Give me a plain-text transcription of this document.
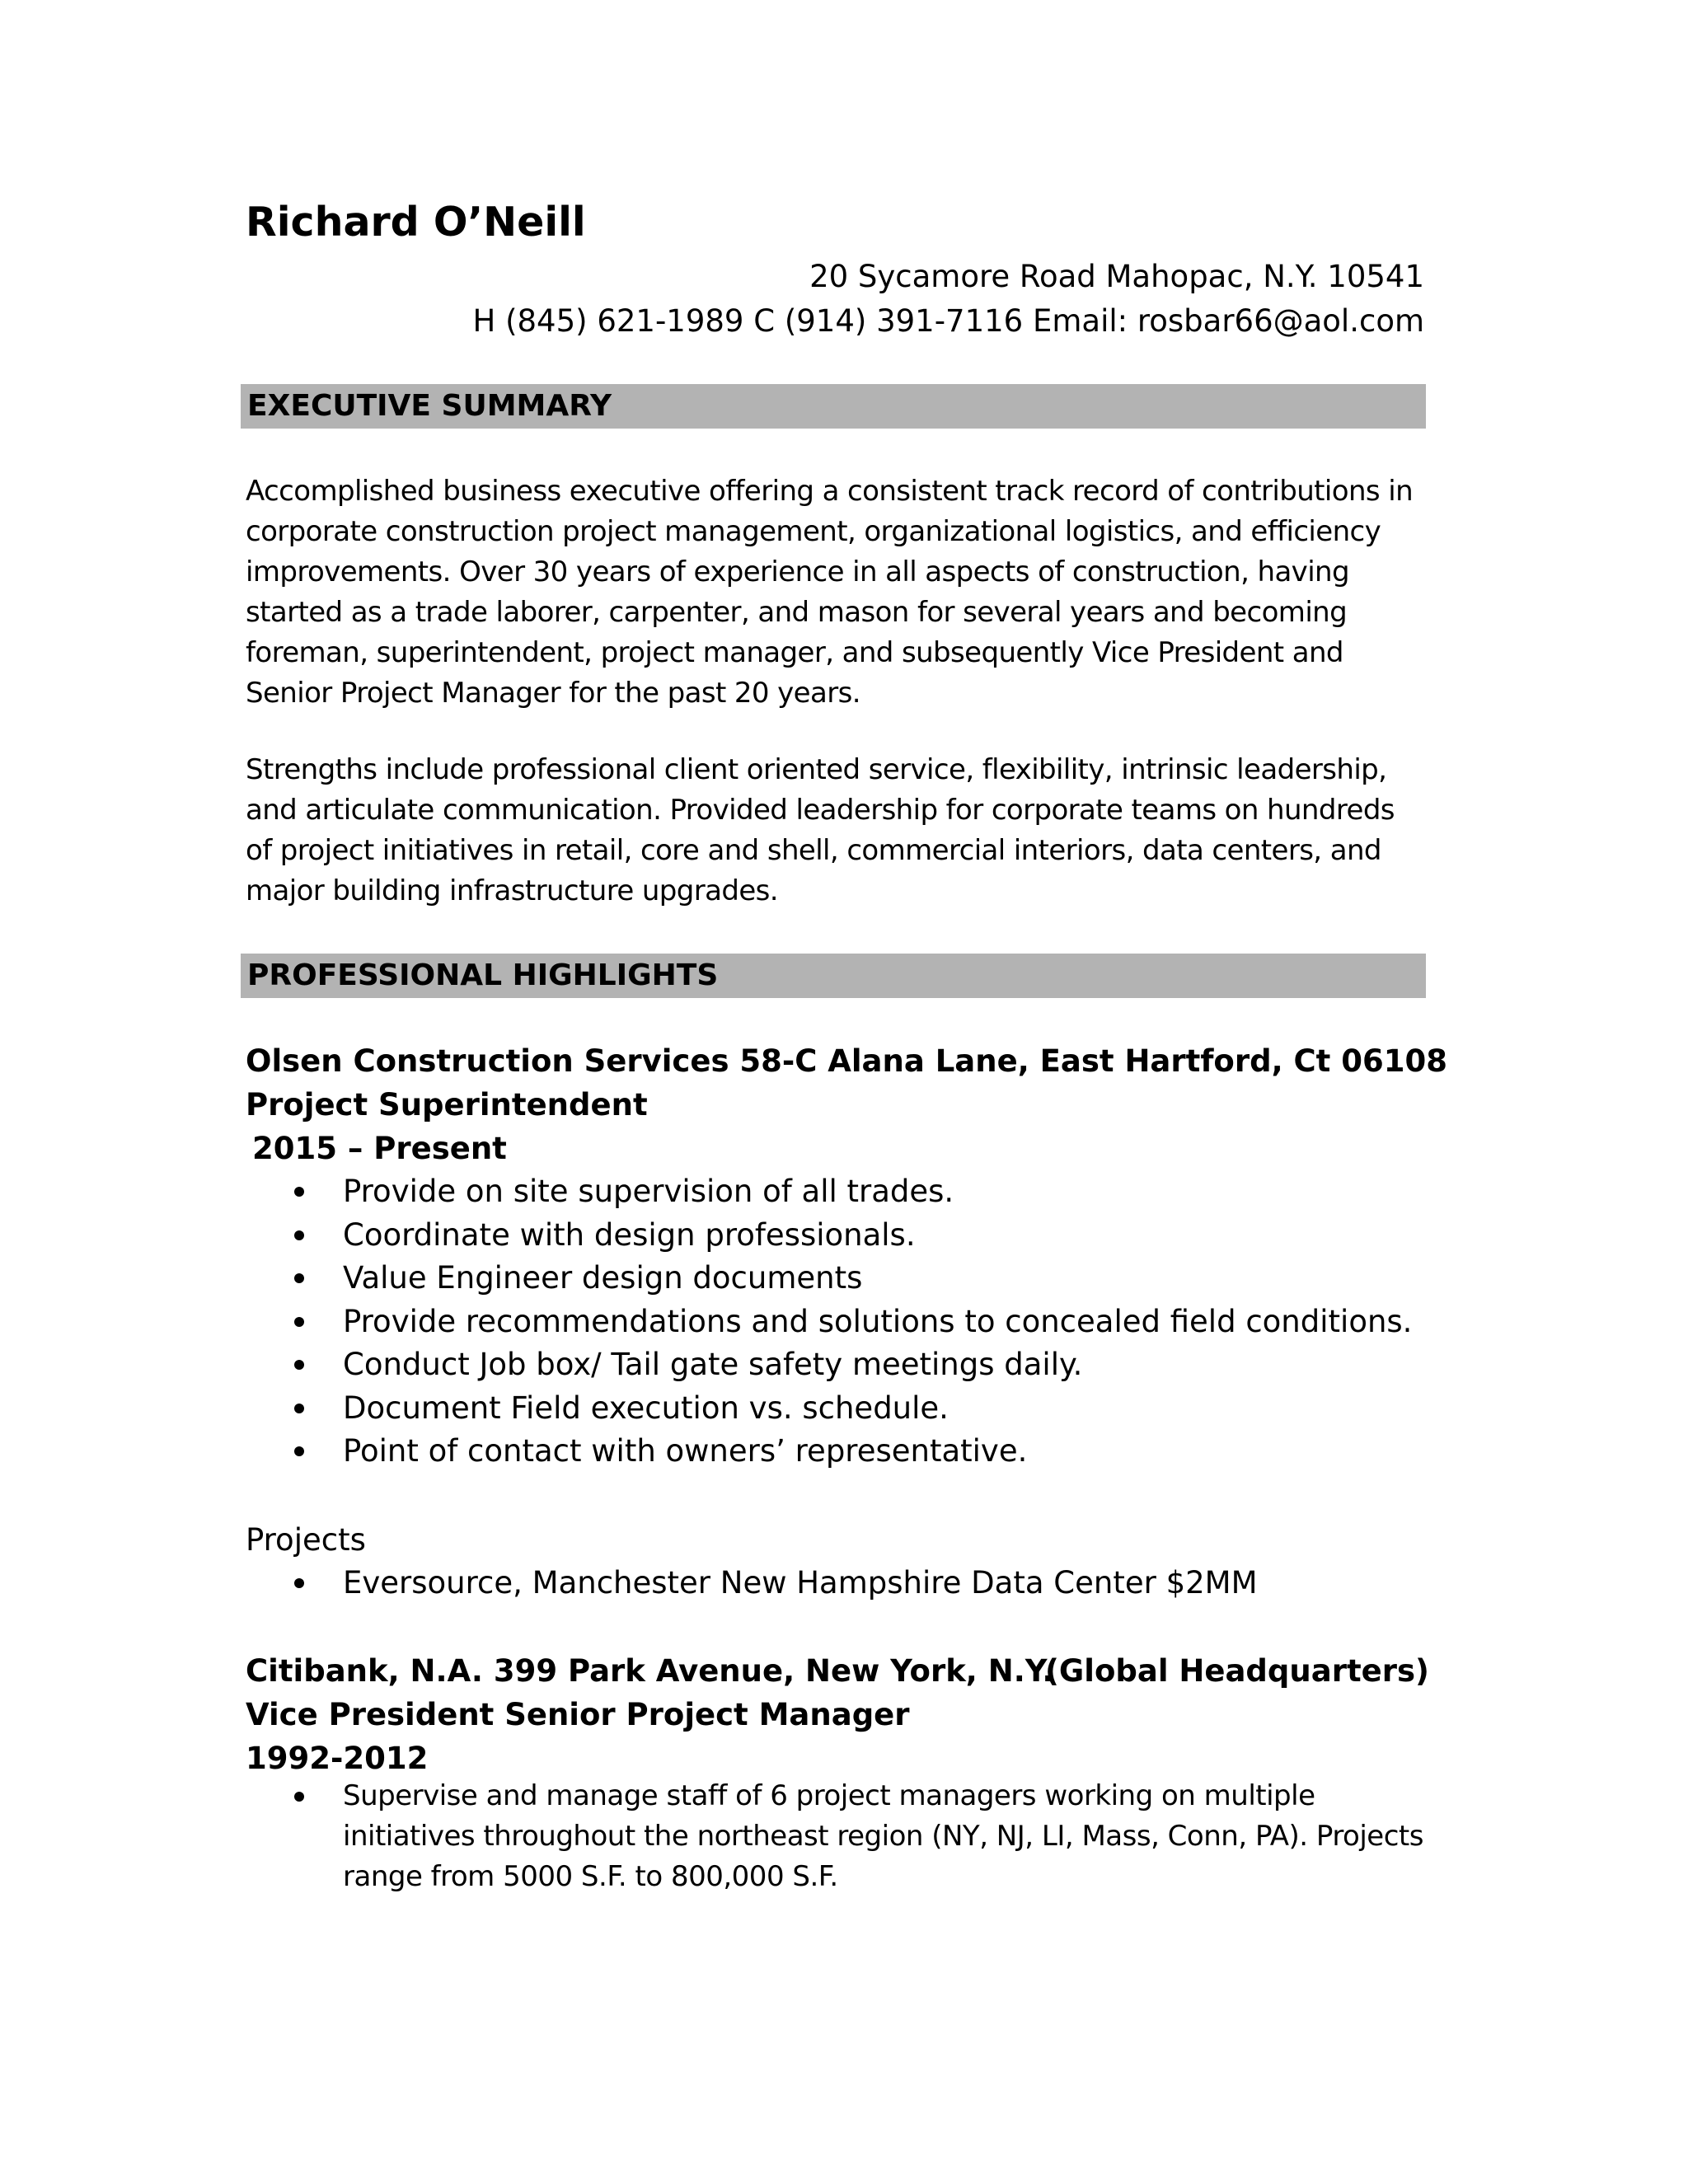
Richard O’Neill
20 Sycamore Road Mahopac, N.Y. 10541
H (845) 621-1989 C (914) 391-7116 Email: rosbar66@aol.com
EXECUTIVE SUMMARY

Accomplished business executive offering a consistent track record of contributions in corporate construction project management, organizational logistics, and efficiency improvements. Over 30 years of experience in all aspects of construction, having started as a trade laborer, carpenter, and mason for several years and becoming foreman, superintendent, project manager, and subsequently Vice President and Senior Project Manager for the past 20 years.

Strengths include professional client oriented service, flexibility, intrinsic leadership, and articulate communication. Provided leadership for corporate teams on hundreds of project initiatives in retail, core and shell, commercial interiors, data centers, and major building infrastructure upgrades.

PROFESSIONAL HIGHLIGHTS
Olsen Construction Services 58-C Alana Lane, East Hartford, Ct 06108
Project Superintendent
2015 – Present
Provide on site supervision of all trades.
Coordinate with design professionals.
Value Engineer design documents
Provide recommendations and solutions to concealed field conditions.
Conduct Job box/ Tail gate safety meetings daily.
Document Field execution vs. schedule.
Point of contact with owners’ representative.
Projects
Eversource, Manchester New Hampshire Data Center $2MM
Citibank, N.A. 399 Park Avenue, New York, N.Y.
(Global Headquarters)
Vice President Senior Project Manager
1992-2012
Supervise and manage staff of 6 project managers working on multiple initiatives throughout the northeast region (NY, NJ, LI, Mass, Conn, PA). Projects range from 5000 S.F. to 800,000 S.F.
